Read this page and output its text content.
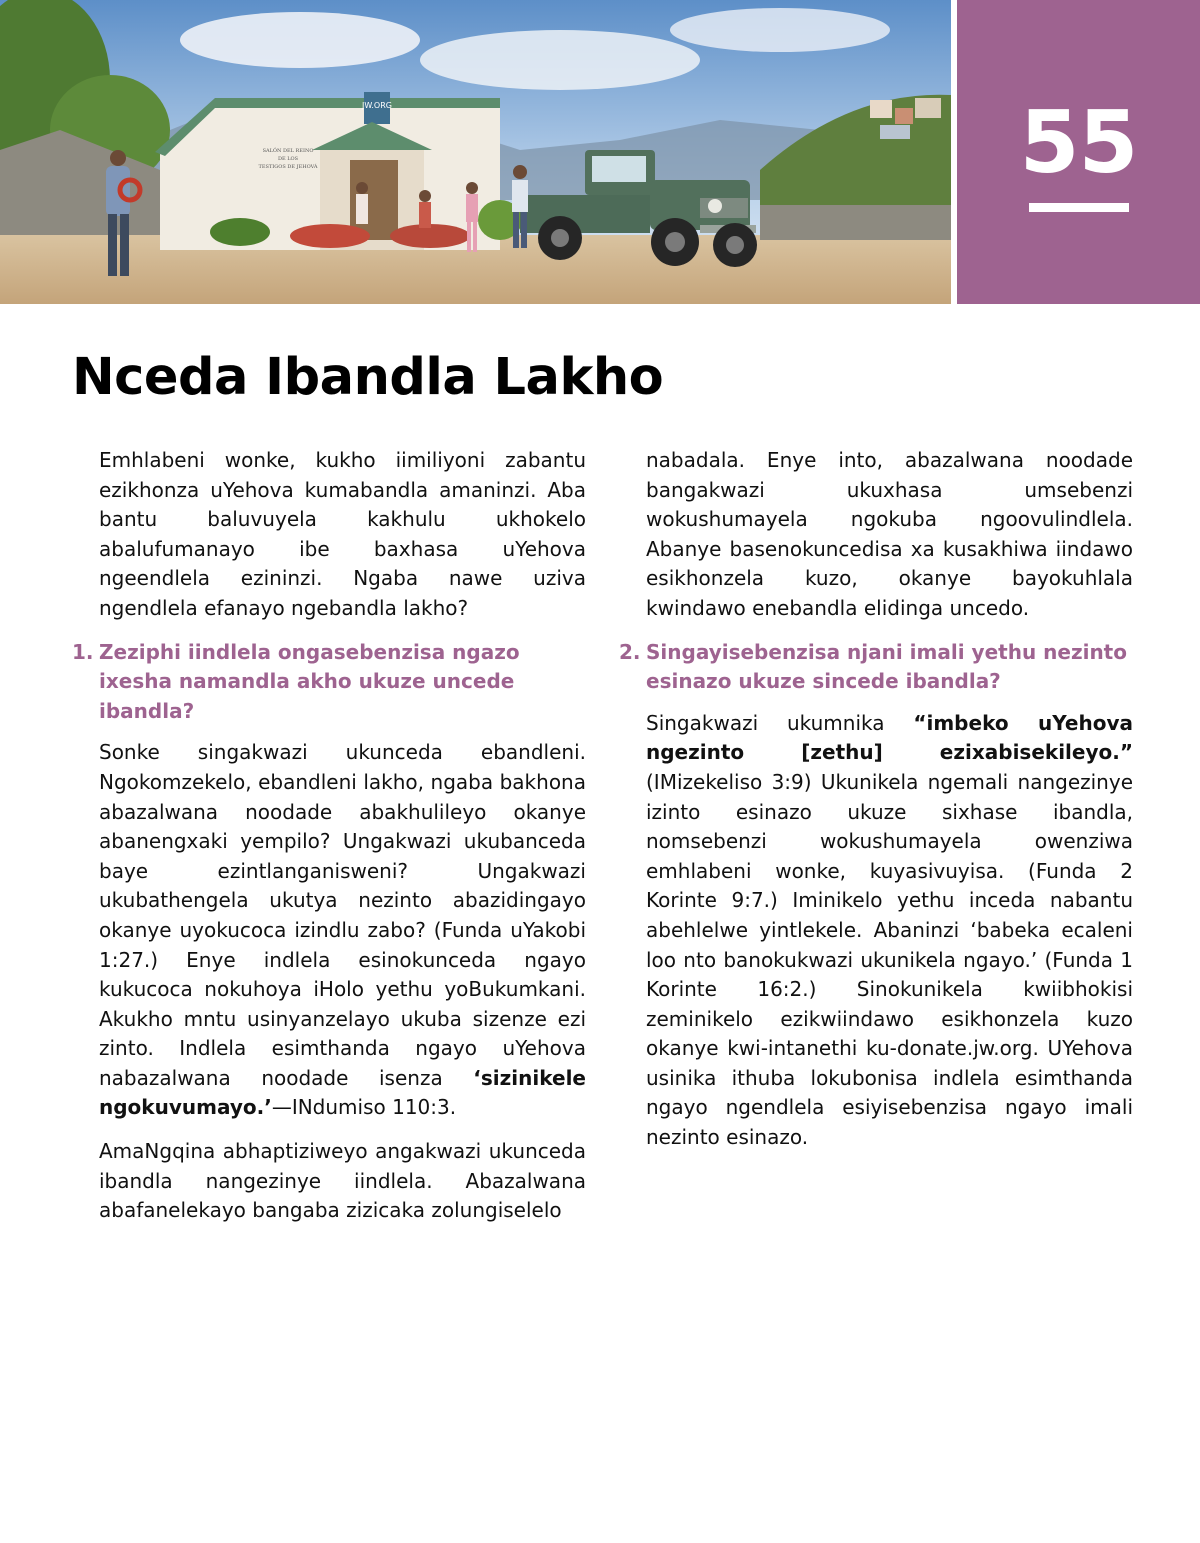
JW.ORG
SALÓN DEL REINO
DE LOS
TESTIGOS DE JEHOVÁ	55
Nceda Ibandla Lakho

Emhlabeni wonke, kukho iimiliyoni zabantu ezikhonza uYehova kumabandla amaninzi. Aba bantu baluvuyela kakhulu ukhokelo abalufumanayo ibe baxhasa uYehova ngeendlela ezininzi. Ngaba nawe uziva ngendlela efanayo ngebandla lakho?

1. Zeziphi iindlela ongasebenzisa ngazo ixesha namandla akho ukuze uncede ibandla?

Sonke singakwazi ukunceda ebandleni. Ngokomzekelo, ebandleni lakho, ngaba bakhona abazalwana noodade abakhulileyo okanye abanengxaki yempilo? Ungakwazi ukubanceda baye ezintlanganisweni? Ungakwazi ukubathengela ukutya nezinto abazidingayo okanye uyokucoca izindlu zabo? (Funda uYakobi 1:27.) Enye indlela esinokunceda ngayo kukucoca nokuhoya iHolo yethu yoBukumkani. Akukho mntu usinyanzelayo ukuba sizenze ezi zinto. Indlela esimthanda ngayo uYehova nabazalwana noodade isenza ‘sizinikele ngokuvumayo.’—INdumiso 110:3.

AmaNgqina abhaptiziweyo angakwazi ukunceda ibandla nangezinye iindlela. Abazalwana abafanelekayo bangaba zizicaka zolungiselelo

nabadala. Enye into, abazalwana noodade bangakwazi ukuxhasa umsebenzi wokushumayela ngokuba ngoovulindlela. Abanye basenokuncedisa xa kusakhiwa iindawo esikhonzela kuzo, okanye bayokuhlala kwindawo enebandla elidinga uncedo.

2. Singayisebenzisa njani imali yethu nezinto esinazo ukuze sincede ibandla?

Singakwazi ukumnika “imbeko uYehova ngezinto [zethu] ezixabisekileyo.” (IMizekeliso 3:9) Ukunikela ngemali nangezinye izinto esinazo ukuze sixhase ibandla, nomsebenzi wokushumayela owenziwa emhlabeni wonke, kuyasivuyisa. (Funda 2 Korinte 9:7.) Iminikelo yethu inceda nabantu abehlelwe yintlekele. Abaninzi ‘babeka ecaleni loo nto banokukwazi ukunikela ngayo.’ (Funda 1 Korinte 16:2.) Sinokunikela kwiibhokisi zeminikelo ezikwiindawo esikhonzela kuzo okanye kwi-intanethi ku-donate.jw.org. UYehova usinika ithuba lokubonisa indlela esimthanda ngayo ngendlela esiyisebenzisa ngayo imali nezinto esinazo.
